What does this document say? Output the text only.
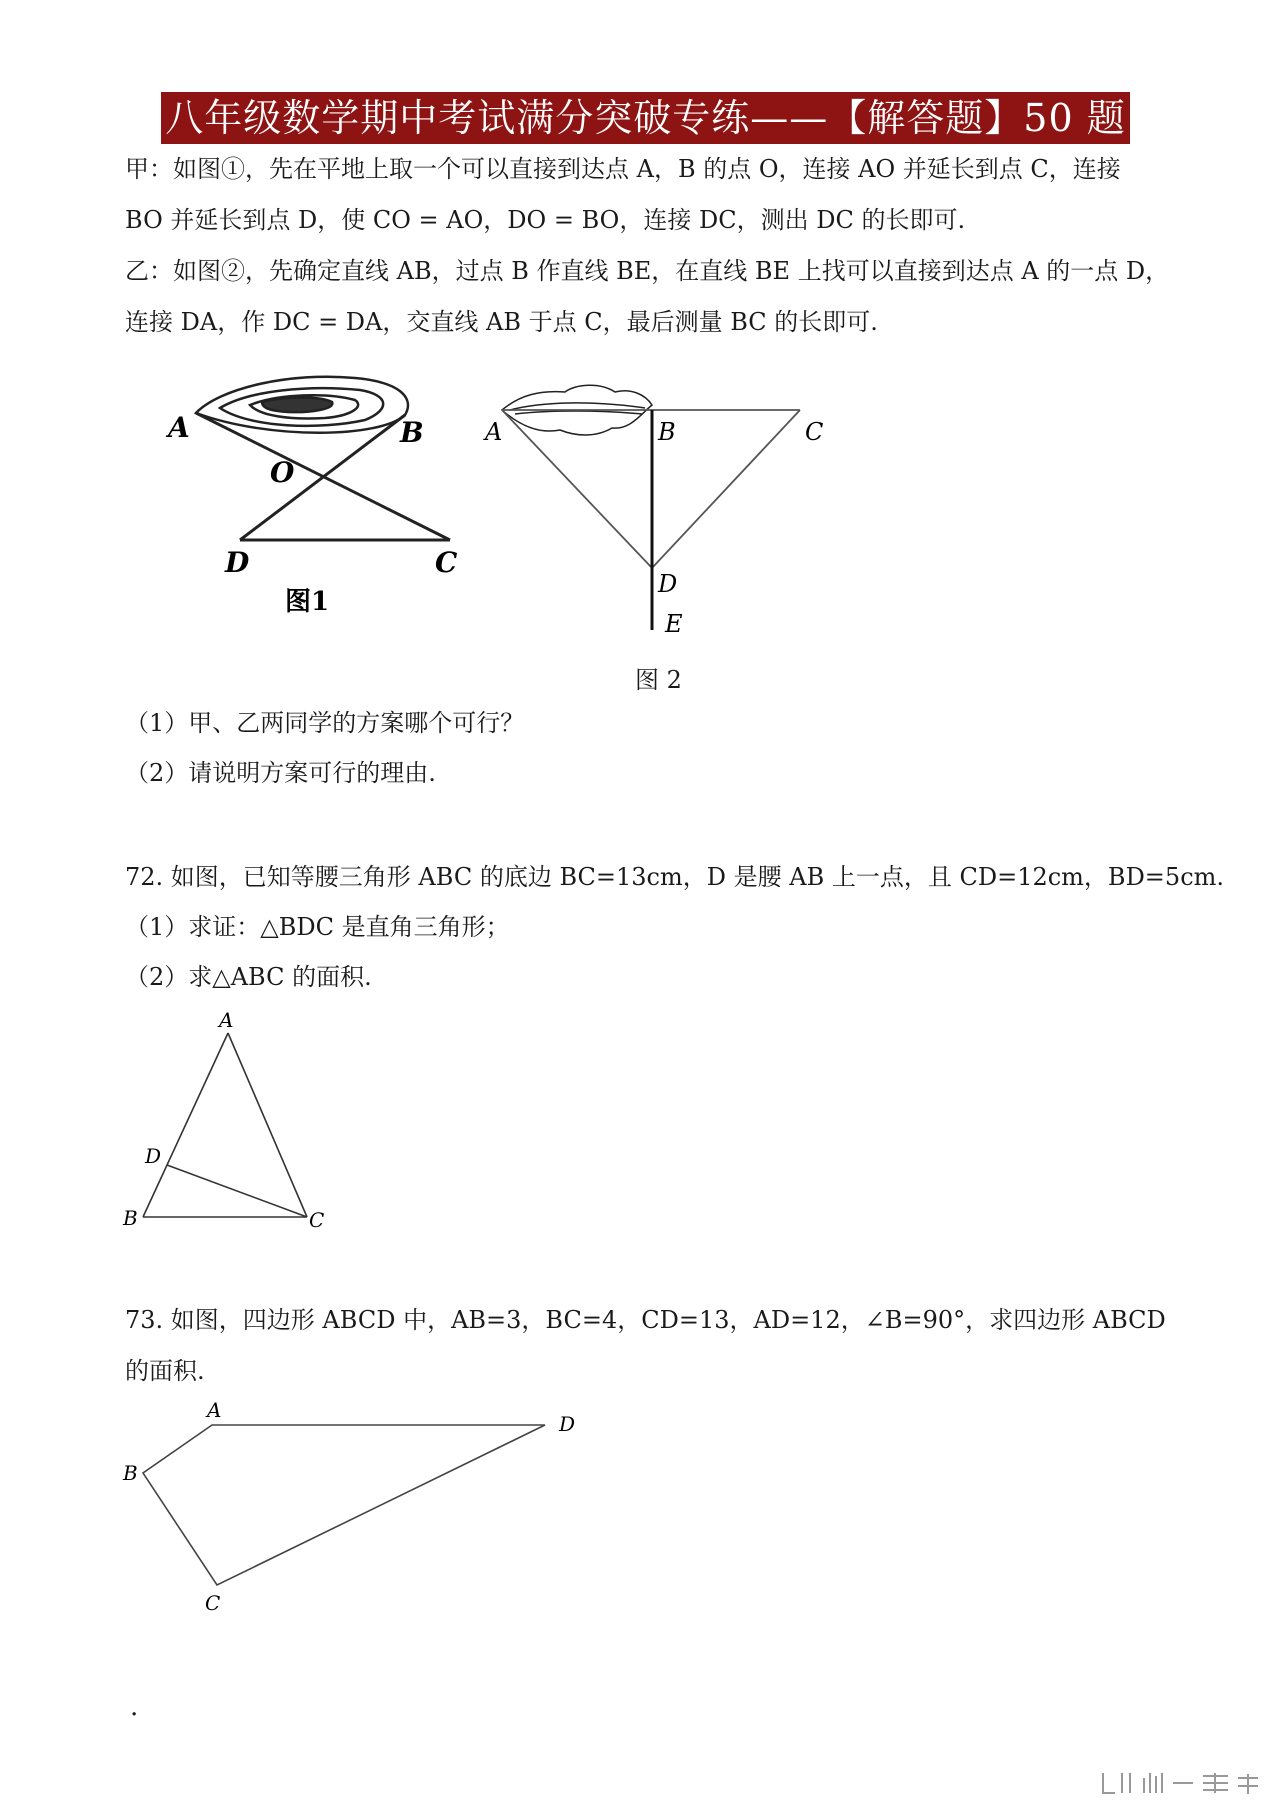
八年级数学期中考试满分突破专练——【解答题】50 题
甲：如图①，先在平地上取一个可以直接到达点 A，B 的点 O，连接 AO 并延长到点 C，连接
BO 并延长到点 D，使 CO = AO，DO = BO，连接 DC，测出 DC 的长即可.
乙：如图②，先确定直线 AB，过点 B 作直线 BE，在直线 BE 上找可以直接到达点 A 的一点 D，
连接 DA，作 DC = DA，交直线 AB 于点 C，最后测量 BC 的长即可.
A	B
O
D	C
图1
A	B	C
D
E
图 2
（1）甲、乙两同学的方案哪个可行？
（2）请说明方案可行的理由.
72. 如图，已知等腰三角形 ABC 的底边 BC=13cm，D 是腰 AB 上一点，且 CD=12cm，BD=5cm.
（1）求证：△BDC 是直角三角形；
（2）求△ABC 的面积.
A
D
B	C
73. 如图，四边形 ABCD 中，AB=3，BC=4，CD=13，AD=12，∠B=90°，求四边形 ABCD
的面积.
A
D
B
C
.
